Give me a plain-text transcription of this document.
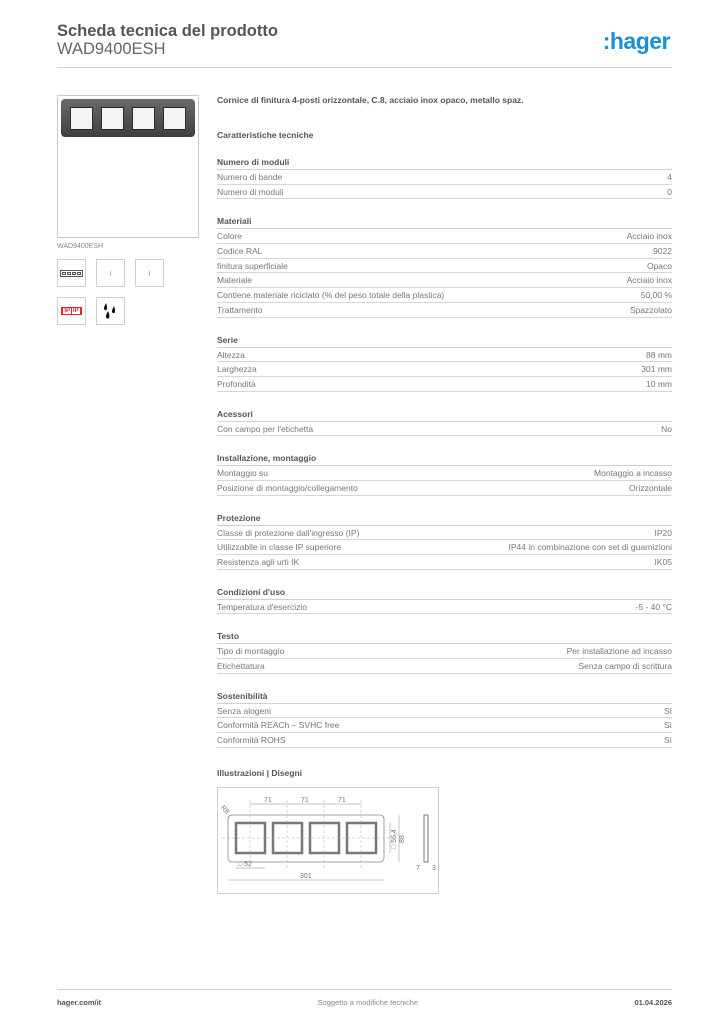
Scheda tecnica del prodotto
WAD9400ESH	:hager
WAD9400ESH
IP IP
Cornice di finitura 4-posti orizzontale, C.8, acciaio inox opaco, metallo spaz.
Caratteristiche tecniche
Numero di moduli
Numero di bande	4
Numero di moduli	0
Materiali
Colore	Acciaio inox
Codice RAL	9022
finitura superficiale	Opaco
Materiale	Acciaio inox
Contiene materiale riciclato (% del peso totale della plastica)	50,00 %
Trattamento	Spazzolato
Serie
Altezza	88 mm
Larghezza	301 mm
Profondità	10 mm
Acessori
Con campo per l'etichetta	No
Installazione, montaggio
Montaggio su	Montaggio a incasso
Posizione di montaggio/collegamento	Orizzontale
Protezione
Classe di protezione dall'ingresso (IP)	IP20
Utilizzabile in classe IP superiore	IP44 in combinazione con set di guarnizioni
Resistenza agli urti IK	IK05
Condizioni d'uso
Temperatura d'esercizio	-5 - 40 °C
Testo
Tipo di montaggio	Per installazione ad incasso
Etichettatura	Senza campo di scrittura
Sostenibilità
Senza alogeni	Sì
Conformità REACh – SVHC free	Sì
Conformità ROHS	Sì
Illustrazioni | Disegni
71	71	71
R8
□ 52
301
88
□ 56,4
7 3
hager.com/it	Soggetto a modifiche tecniche	01.04.2026
